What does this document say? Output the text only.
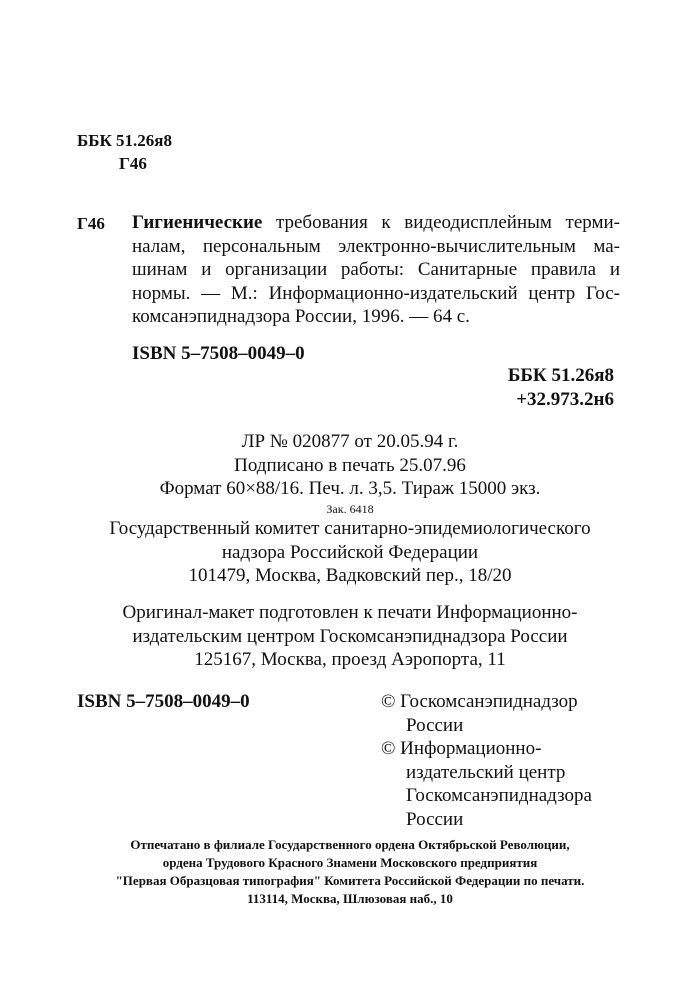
ББК 51.26я8
Г46
Г46 Гигиенические требования к видеодисплейным терми-
налам, персональным электронно-вычислительным ма-
шинам и организации работы: Санитарные правила и
нормы. — М.: Информационно-издательский центр Гос-
комсанэпиднадзора России, 1996. — 64 с.
ISBN 5–7508–0049–0
ББК 51.26я8
+32.973.2н6
ЛР № 020877 от 20.05.94 г.
Подписано в печать 25.07.96
Формат 60×88/16. Печ. л. 3,5. Тираж 15000 экз.
Зак. 6418
Государственный комитет санитарно-эпидемиологического
надзора Российской Федерации
101479, Москва, Вадковский пер., 18/20
Оригинал-макет подготовлен к печати Информационно-
издательским центром Госкомсанэпиднадзора России
125167, Москва, проезд Аэропорта, 11
ISBN 5–7508–0049–0	© Госкомсанэпиднадзор
России
© Информационно-
издательский центр
Госкомсанэпиднадзора
России
Отпечатано в филиале Государственного ордена Октябрьской Революции,
ордена Трудового Красного Знамени Московского предприятия
"Первая Образцовая типография" Комитета Российской Федерации по печати.
113114, Москва, Шлюзовая наб., 10
